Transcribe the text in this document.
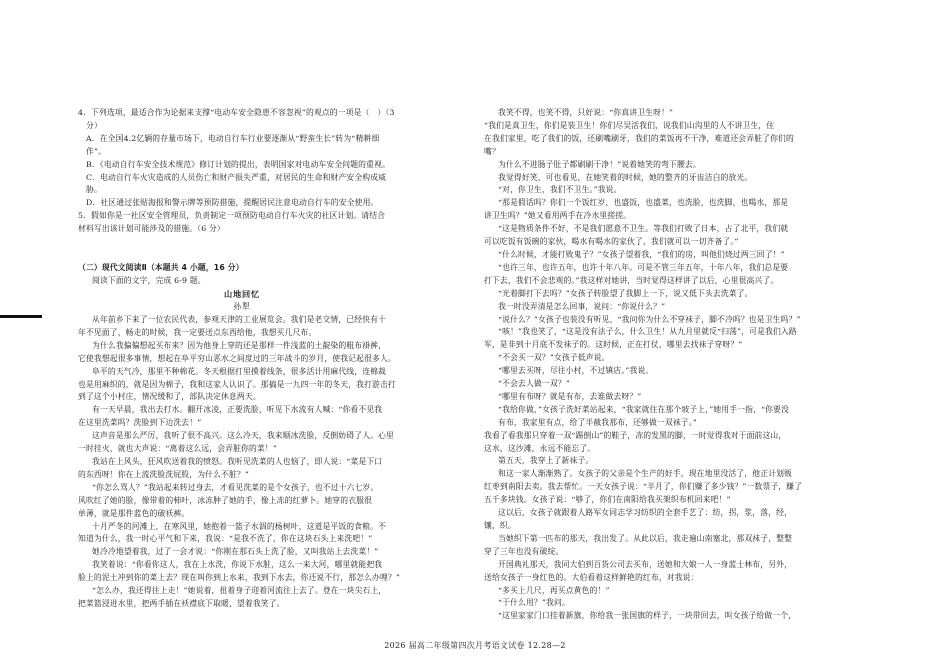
4．下列选项，最适合作为论据来支撑“电动车安全隐患不容忽视”的观点的一项是（　）（3

分）

A．在全国4.2亿辆的存量市场下，电动自行车行业要逐渐从“野蛮生长”转为“精耕细

作”。

B．《电动自行车安全技术规范》修订计划的提出，表明国家对电动车安全问题的重视。

C．电动自行车火灾造成的人员伤亡和财产损失严重，对居民的生命和财产安全构成威

胁。

D．社区通过张贴海报和警示牌等预防措施，提醒居民注意电动自行车的安全使用。

5．假如你是一社区安全管理员，负责制定一项预防电动自行车火灾的社区计划。请结合

材料写出该计划可能涉及的措施。（6 分）

（二）现代文阅读Ⅱ（本题共 4 小题，16 分）

阅读下面的文字，完成 6-9 题。

山地回忆

孙犁

从年前乡下来了一位农民代表，参观天津的工业展览会。我们是老交情，已经快有十

年不见面了，畅走的时候，我一定要送点东西给他，我想买几尺布。

为什么我偏偏想起买布来？因为他身上穿的还是那样一件浅蓝的土靛染的粗布褂裤，

它使我想起很多事情，想起在阜平穷山恶水之间度过的三年战斗的岁月，使我记起很多人。

阜平的天气冷，那里不种棉花。冬天根据打里摸着线条，很多活计用麻代线，连棉裁

也是用麻织的，就是因为棉子，我和这家人认识了。那搞是一九四一年的冬天，我打游击打

到了这个小村庄，情况缓和了，部队决定休息两天。

有一天早晨，我出去打水。翻开冰凌，正要洗脸，听见下水流有人喊：“你看不见我

在这里洗菜吗？洗脸到下边洗去！”

这声音是那么严厉，我听了很不高兴。这么冷天，我来顺冰洗脸，反倒妨碍了人。心里

一时挂火，就也大声说：“离着这么远，会弄脏你的菜！”

我站在上风头，狂风吹送着我的愤怒。我听见洗菜的人也恼了，即人说：“菜是下口

的东西呀！你在上流洗脸洗屁股，为什么不脏？”

“你怎么骂人？”我站起来转过身去，才看见洗菜的是个女孩子，也不过十六七岁。

风吹红了她的脸，像带着的柿叶，冰冻肿了她的手，像上冻的红萝卜。她穿的衣服很

单薄，就是那件蓝色的破袄裤。

十月严冬的河滩上，在寒风里，她抱着一篮子水泅的杨树叶，这道是平饭的食粮。不

知道为什么，我一时心平气和下来，我说：“是我不洗了，你在这块石头上来洗吧！”

她冷冷地望着我，过了一会才说：“你刚在那石头上洗了脸，又叫我站上去洗菜！”

我笑着说：“你看你这人，我在上水洗，你说下水脏，这么一来大河，哪里就能把我

脸上的泥土冲到你的菜上去？现在叫你到上水来，我到下水去，你还说不行，那怎么办哩？”

“怎么办，我还得往上走！”她说着，扭着身子迎着河流往上去了。登在一块尖石上，

把菜篮浸进水里，把两手插在袄襟底下取暖，望着我笑了。

我笑不得，也笑不得，只好说：“你真讲卫生呀！”

“我们是真卫生，你们是装卫生！你们尽吴活我们，说我们山沟里的人不讲卫生，住

在我们家里，吃了我们的饭，还刷嘴刷牙，我们的菜饭再不干净，难道还会弄脏了你们的

嘴？

为什么不进肠子肚子都刷刷干净！”说着她笑的弯下腰去。

我觉得好笑，可也看见，在她笑着的时候，她的整齐的牙齿洁白的放光。

“对，你卫生，我们不卫生。”我说。

“那是假话吗？你们一个饭红岁，也盛饭，也盛菜，也洗脸，也洗脚，也喝水，那是

讲卫生吗？”她又看用两手在冷水里搓搓。

“这是物质条件不好，不是我们愿意不卫生。等我们打败了日本，占了北平，我们就

可以吃饭有饭碗的家伙，喝水有喝水的家伙了，我们就可以一切齐备了。”

“什么时候，才能打败鬼子？”女孩子望着我，“我们的房，叫他们烧过两三回了！”

“也许三年，也许五年，也许十年八年。可是不管三年五年，十年八年，我们总是要

打下去，我们不会悲观的。”我这样对她讲，当时觉得这样讲了以后，心里很高兴了。

“光着脚打下去吗？”女孩子转脸望了我脚上一下，说又低下头去洗菜了。

我一时没弄清是怎么回事，说问：“你说什么？”

“说什么？”女孩子也装没有听见，“我问你为什么不穿袜子，脚不冷吗？也是卫生吗？”

“咳！”我也笑了，“这是没有法子么，什么卫生！从九月里就反“扫荡”，可是我们入路

军，是非到十月底不发袜子的。这时候，正在打仗，哪里去找袜子穿呀？”

“不会买一双？”女孩子低声说。

“哪里去买呀，尽往小村，不过镇店。”我说。

“不会去人做一双？”

“哪里有布呀？就是有布，去谁做去呀？”

“我给你做，”女孩子洗好菜站起来，“我家就住在那个坡子上，”她用手一指，“你要没

有布，我家里有点，给了半截我那布，还够做一双袜子。”

我看了看我那只穿着一双“踢倒山”的鞋子，冻的发黑的脚，一时觉得我对于面前这山，

这水，这沙滩，永远不能忘了。

第五天，我穿上了新袜子。

和这一家人渐渐熟了。女孩子的父亲是个生产的好手，现在地里没活了，他正计划贩

红枣到南阳去卖。我去帮忙。一天女孩子说：“半月了，你们赚了多少钱？”一数票子，赚了

五千多块钱。女孩子说：“够了，你们在南阳给我买架织布机回来吧！”

这以后，女孩子就跟着人路军女同志学习纺织的全套手艺了：纺，拐，浆，落，经，

镶，织。

当她织下第一匹布的那天，我出发了。从此以后，我走遍山南塞北，那双袜子，整整

穿了三年也没有破绽。

开国典礼那天，我同大伯到百货公司去买布，送她和大娘一人一身蓝士林布，另外，

送给女孩子一身红色的。大伯看着这样鲜艳的红布，对我说：

“多买上几尺，再买点黄色的！”

“干什么用？”我问。

“这里家家门口挂着新旗，你给我一张国旗的样子，一块带回去，叫女孩子给做一个，

2026 届高二年级第四次月考语文试卷 12.28—2
